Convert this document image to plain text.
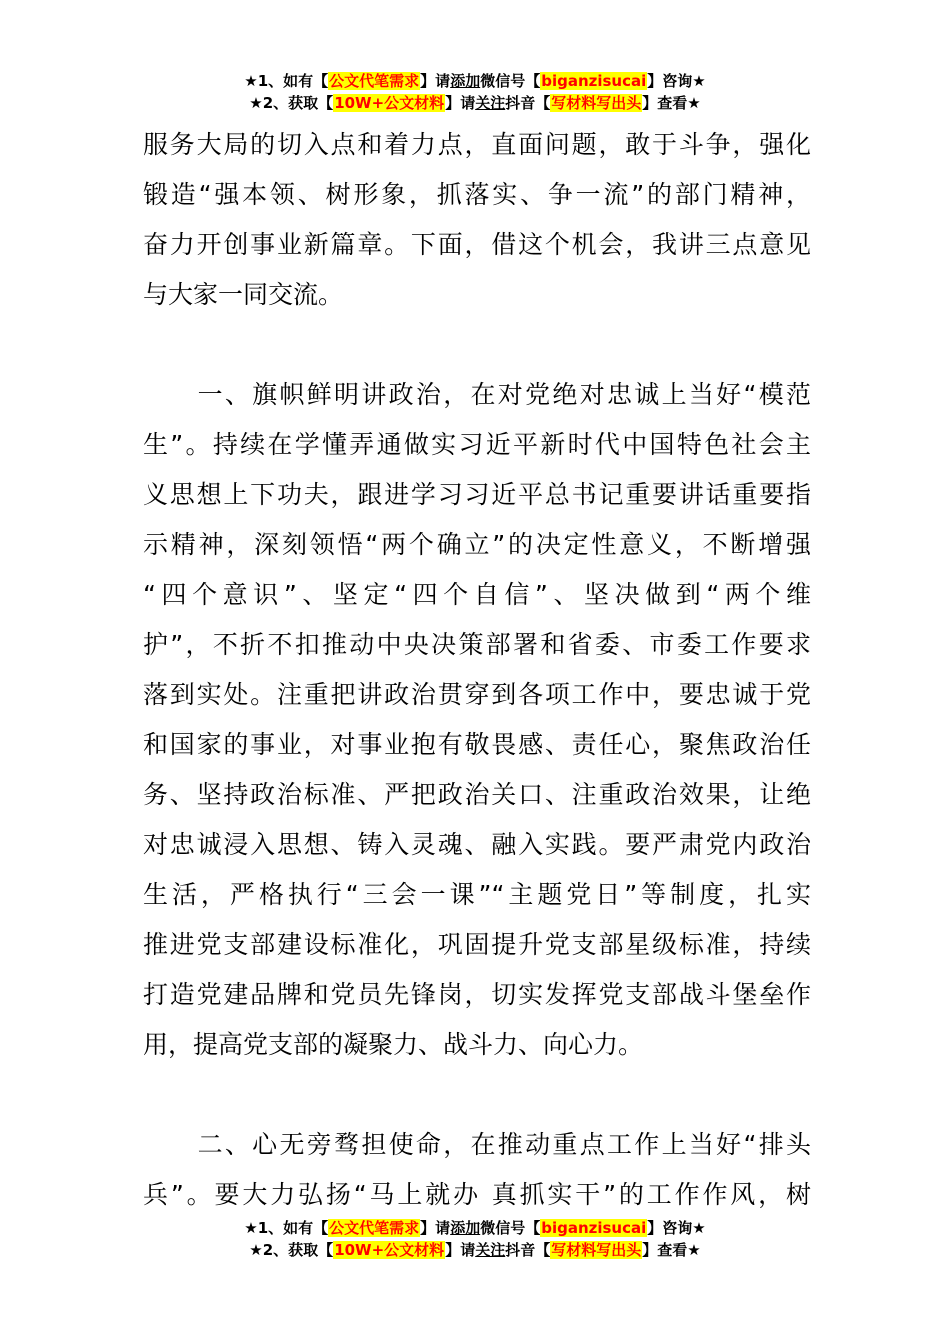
★1、如有【公文代笔需求】请添加微信号【biganzisucai】咨询★
★2、获取【10W+公文材料】请关注抖音【写材料写出头】查看★
服务大局的切入点和着力点，直面问题，敢于斗争，强化
锻造“强本领、树形象，抓落实、争一流”的部门精神，
奋力开创事业新篇章。下面，借这个机会，我讲三点意见
与大家一同交流。
　　一、旗帜鲜明讲政治，在对党绝对忠诚上当好“模范
生”。持续在学懂弄通做实习近平新时代中国特色社会主
义思想上下功夫，跟进学习习近平总书记重要讲话重要指
示精神，深刻领悟“两个确立”的决定性意义，不断增强
“四个意识”、坚定“四个自信”、坚决做到“两个维
护”，不折不扣推动中央决策部署和省委、市委工作要求
落到实处。注重把讲政治贯穿到各项工作中，要忠诚于党
和国家的事业，对事业抱有敬畏感、责任心，聚焦政治任
务、坚持政治标准、严把政治关口、注重政治效果，让绝
对忠诚浸入思想、铸入灵魂、融入实践。要严肃党内政治
生活，严格执行“三会一课”“主题党日”等制度，扎实
推进党支部建设标准化，巩固提升党支部星级标准，持续
打造党建品牌和党员先锋岗，切实发挥党支部战斗堡垒作
用，提高党支部的凝聚力、战斗力、向心力。
　　二、心无旁骛担使命，在推动重点工作上当好“排头
兵”。要大力弘扬“马上就办 真抓实干”的工作作风，树
★1、如有【公文代笔需求】请添加微信号【biganzisucai】咨询★
★2、获取【10W+公文材料】请关注抖音【写材料写出头】查看★
